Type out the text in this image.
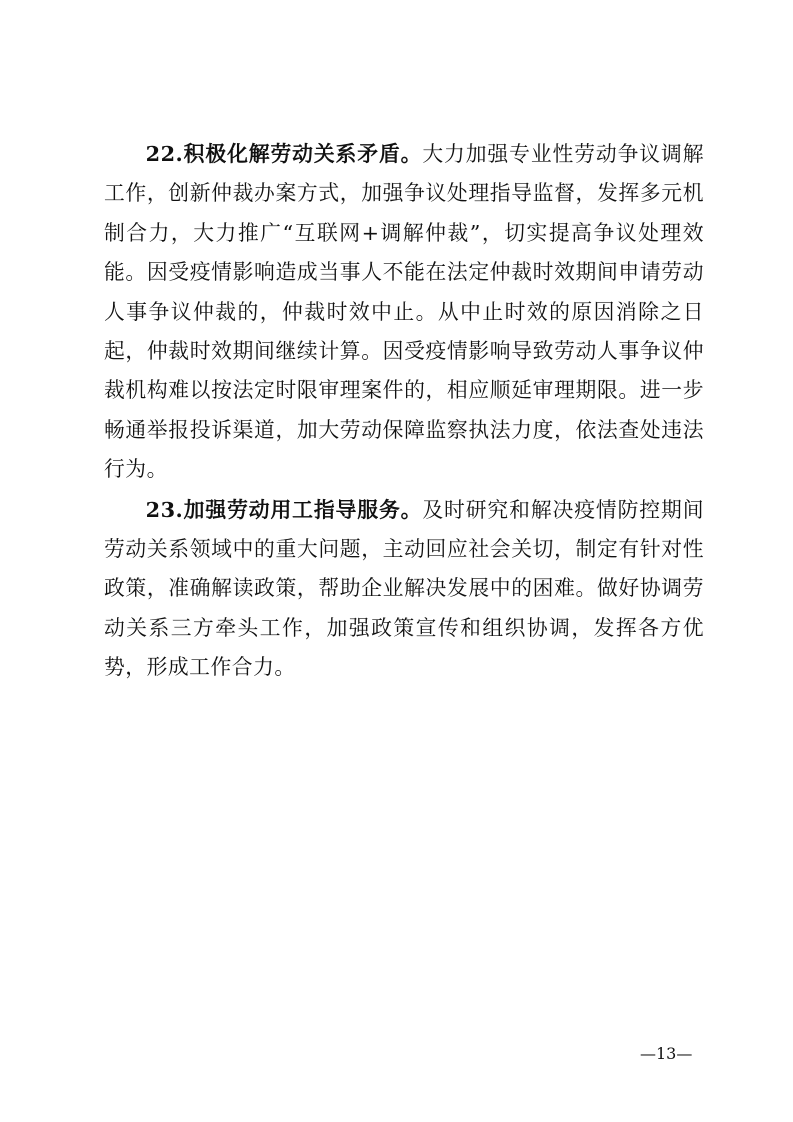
22.积极化解劳动关系矛盾。大力加强专业性劳动争议调解工作，创新仲裁办案方式，加强争议处理指导监督，发挥多元机制合力，大力推广“互联网+调解仲裁”，切实提高争议处理效能。因受疫情影响造成当事人不能在法定仲裁时效期间申请劳动人事争议仲裁的，仲裁时效中止。从中止时效的原因消除之日起，仲裁时效期间继续计算。因受疫情影响导致劳动人事争议仲裁机构难以按法定时限审理案件的，相应顺延审理期限。进一步畅通举报投诉渠道，加大劳动保障监察执法力度，依法查处违法行为。

23.加强劳动用工指导服务。及时研究和解决疫情防控期间劳动关系领域中的重大问题，主动回应社会关切，制定有针对性政策，准确解读政策，帮助企业解决发展中的困难。做好协调劳动关系三方牵头工作，加强政策宣传和组织协调，发挥各方优势，形成工作合力。

—13—
